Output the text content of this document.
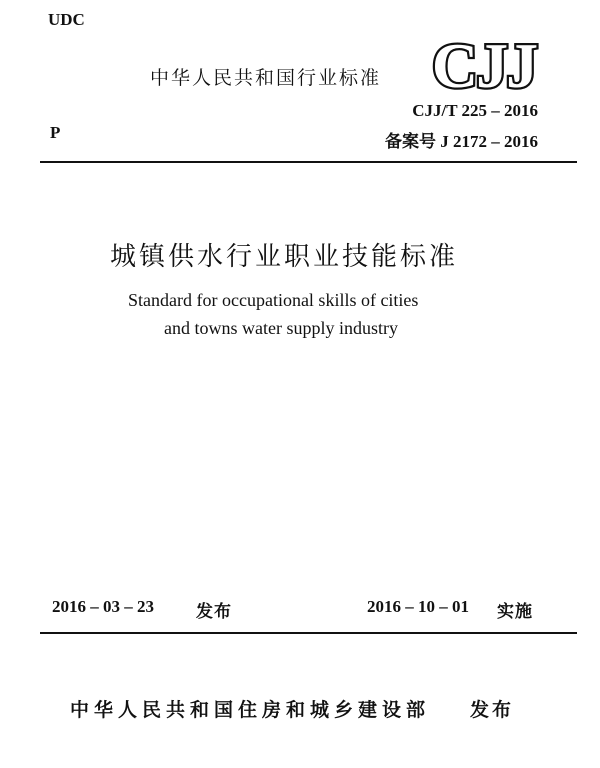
UDC
中华人民共和国行业标准 CJJ
CJJ/T 225 – 2016
P	备案号 J 2172 – 2016
城镇供水行业职业技能标准
Standard for occupational skills of cities
and towns water supply industry
2016 – 03 – 23 发布	2016 – 10 – 01 实施
中华人民共和国住房和城乡建设部 发布
